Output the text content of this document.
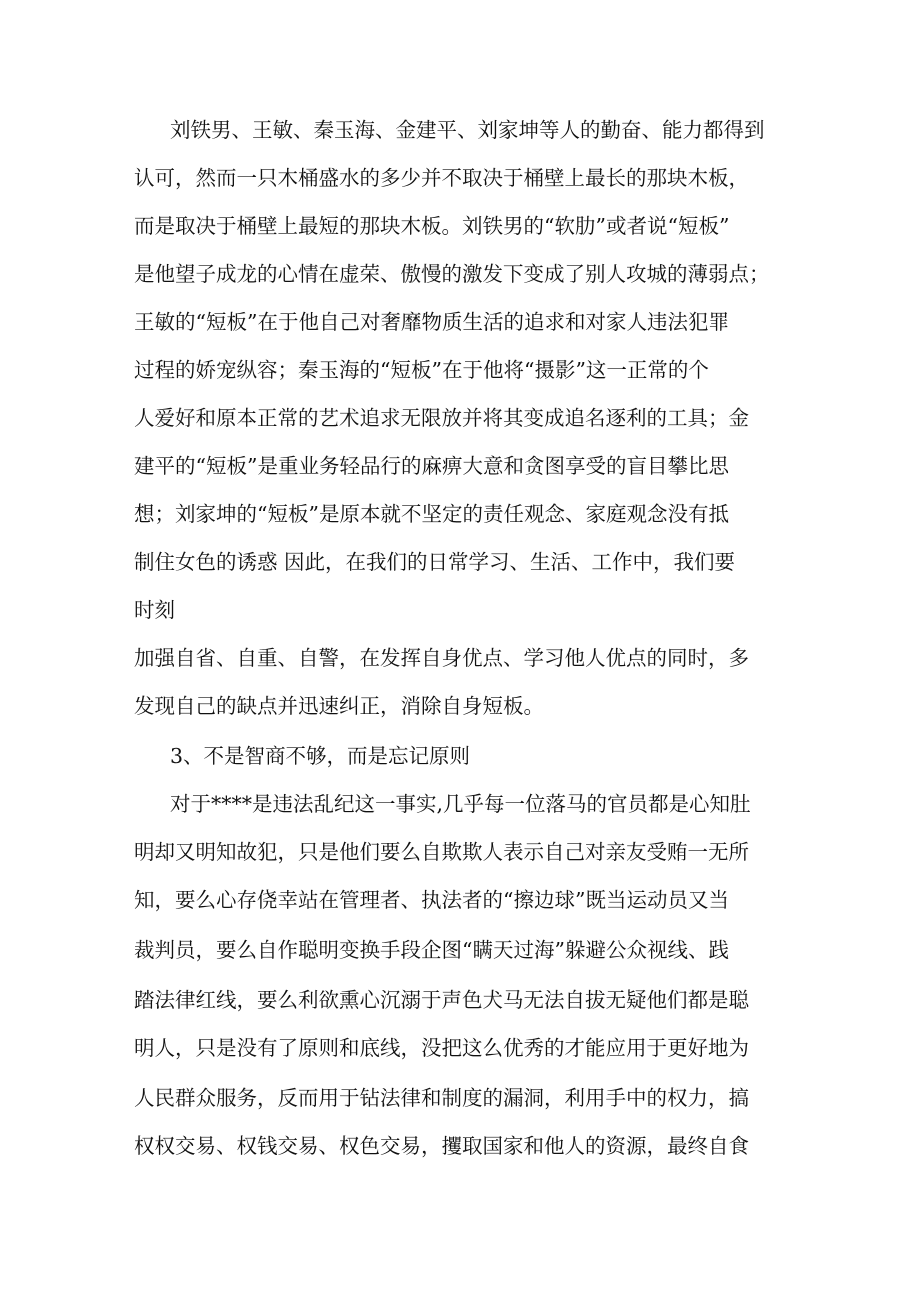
刘铁男、王敏、秦玉海、金建平、刘家坤等人的勤奋、能力都得到
认可，然而一只木桶盛水的多少并不取决于桶壁上最长的那块木板，
而是取决于桶壁上最短的那块木板。刘铁男的“软肋”或者说“短板”
是他望子成龙的心情在虚荣、傲慢的激发下变成了别人攻城的薄弱点；
王敏的“短板”在于他自己对奢靡物质生活的追求和对家人违法犯罪
过程的娇宠纵容；秦玉海的“短板”在于他将“摄影”这一正常的个
人爱好和原本正常的艺术追求无限放并将其变成追名逐利的工具；金
建平的“短板”是重业务轻品行的麻痹大意和贪图享受的盲目攀比思
想；刘家坤的“短板”是原本就不坚定的责任观念、家庭观念没有抵
制住女色的诱惑 因此，在我们的日常学习、生活、工作中，我们要
时刻
加强自省、自重、自警，在发挥自身优点、学习他人优点的同时，多
发现自己的缺点并迅速纠正，消除自身短板。
3、不是智商不够，而是忘记原则
对于****是违法乱纪这一事实,几乎每一位落马的官员都是心知肚
明却又明知故犯，只是他们要么自欺欺人表示自己对亲友受贿一无所
知，要么心存侥幸站在管理者、执法者的“擦边球”既当运动员又当
裁判员，要么自作聪明变换手段企图“瞒天过海”躲避公众视线、践
踏法律红线，要么利欲熏心沉溺于声色犬马无法自拔无疑他们都是聪
明人，只是没有了原则和底线，没把这么优秀的才能应用于更好地为
人民群众服务，反而用于钻法律和制度的漏洞，利用手中的权力，搞
权权交易、权钱交易、权色交易，攫取国家和他人的资源，最终自食
